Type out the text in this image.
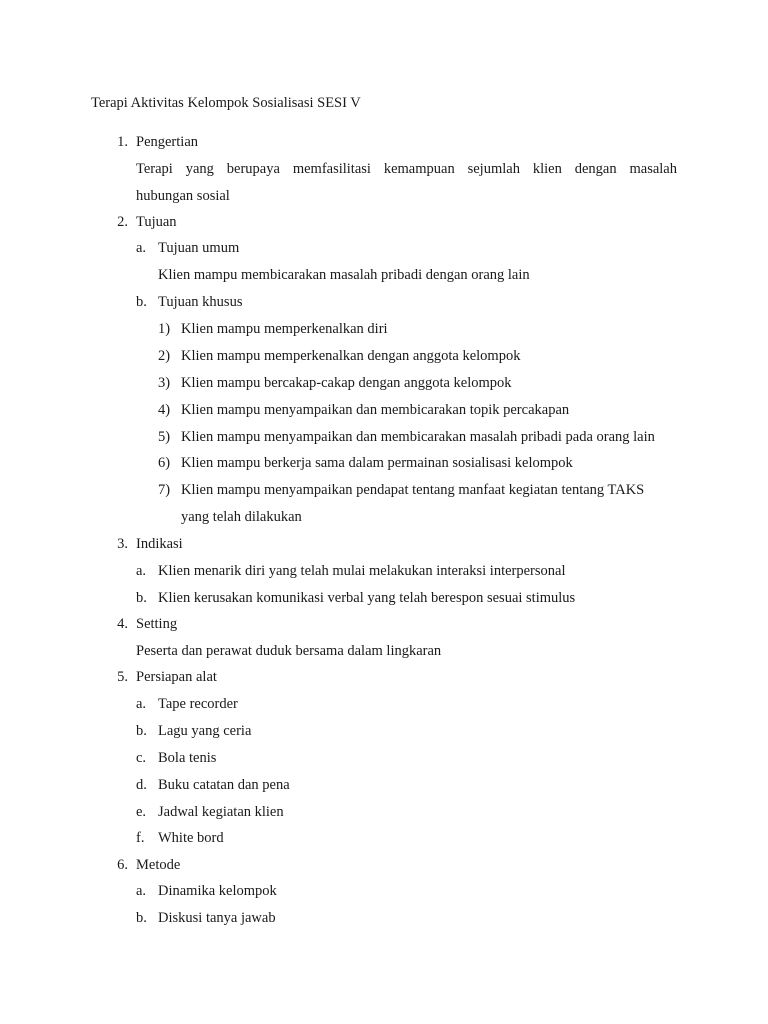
Terapi Aktivitas Kelompok Sosialisasi SESI V
1. Pengertian
Terapi yang berupaya memfasilitasi kemampuan sejumlah klien dengan masalah
hubungan sosial
2. Tujuan
a. Tujuan umum
Klien mampu membicarakan masalah pribadi dengan orang lain
b. Tujuan khusus
1) Klien mampu memperkenalkan diri
2) Klien mampu memperkenalkan dengan anggota kelompok
3) Klien mampu bercakap-cakap dengan anggota kelompok
4) Klien mampu menyampaikan dan membicarakan topik percakapan
5) Klien mampu menyampaikan dan membicarakan masalah pribadi pada orang lain
6) Klien mampu berkerja sama dalam permainan sosialisasi kelompok
7) Klien mampu menyampaikan pendapat tentang manfaat kegiatan tentang TAKS
yang telah dilakukan
3. Indikasi
a. Klien menarik diri yang telah mulai melakukan interaksi interpersonal
b. Klien kerusakan komunikasi verbal yang telah berespon sesuai stimulus
4. Setting
Peserta dan perawat duduk bersama dalam lingkaran
5. Persiapan alat
a. Tape recorder
b. Lagu yang ceria
c. Bola tenis
d. Buku catatan dan pena
e. Jadwal kegiatan klien
f. White bord
6. Metode
a. Dinamika kelompok
b. Diskusi tanya jawab
